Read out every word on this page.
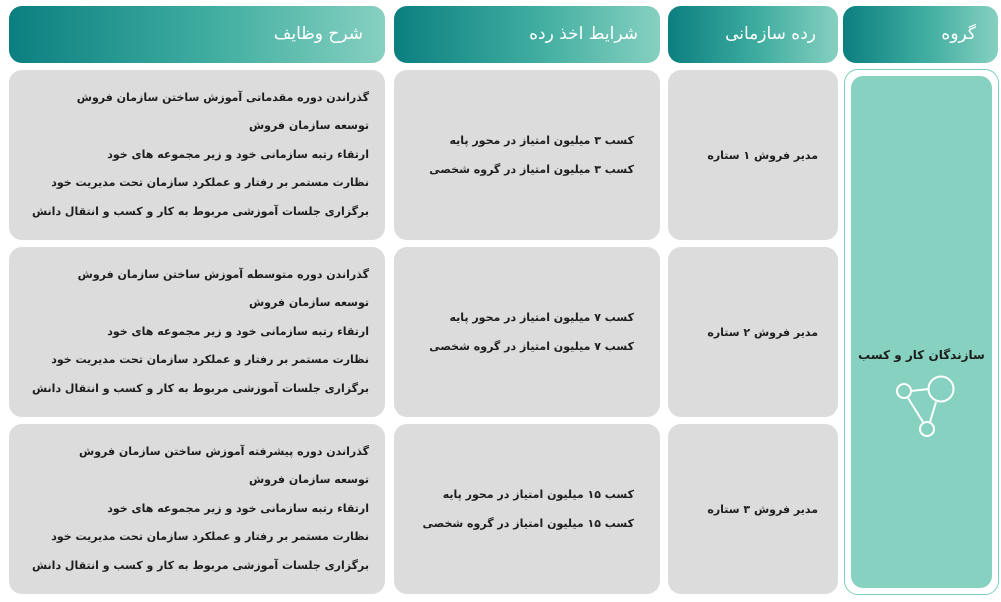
گروه
رده سازمانی
شرایط اخذ رده
شرح وظایف
سازندگان کار و کسب
مدیر فروش ۱ ستاره
کسب ۳ میلیون امتیاز در محور پایه
کسب ۳ میلیون امتیاز در گروه شخصی
گذراندن دوره مقدماتی آموزش ساختن سازمان فروش
توسعه سازمان فروش
ارتقاء رتبه سازمانی خود و زیر مجموعه های خود
نظارت مستمر بر رفتار و عملکرد سازمان تحت مدیریت خود
برگزاری جلسات آموزشی مربوط به کار و کسب و انتقال دانش
مدیر فروش ۲ ستاره
کسب ۷ میلیون امتیاز در محور پایه
کسب ۷ میلیون امتیاز در گروه شخصی
گذراندن دوره متوسطه آموزش ساختن سازمان فروش
توسعه سازمان فروش
ارتقاء رتبه سازمانی خود و زیر مجموعه های خود
نظارت مستمر بر رفتار و عملکرد سازمان تحت مدیریت خود
برگزاری جلسات آموزشی مربوط به کار و کسب و انتقال دانش
مدیر فروش ۳ ستاره
کسب ۱۵ میلیون امتیاز در محور پایه
کسب ۱۵ میلیون امتیاز در گروه شخصی
گذراندن دوره پیشرفته آموزش ساختن سازمان فروش
توسعه سازمان فروش
ارتقاء رتبه سازمانی خود و زیر مجموعه های خود
نظارت مستمر بر رفتار و عملکرد سازمان تحت مدیریت خود
برگزاری جلسات آموزشی مربوط به کار و کسب و انتقال دانش
